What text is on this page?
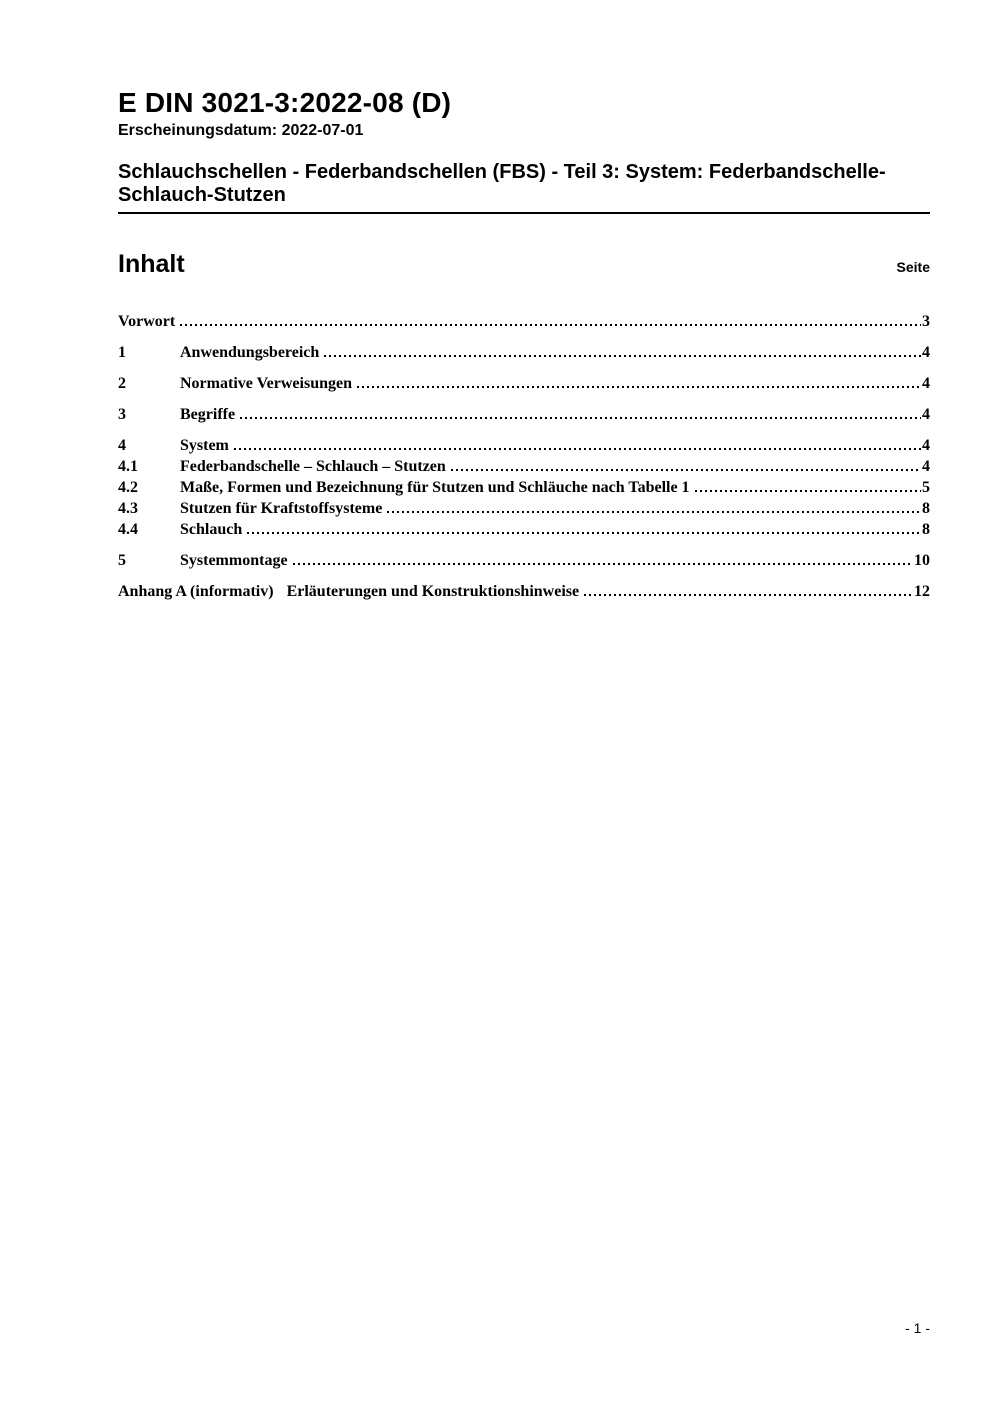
E DIN 3021-3:2022-08 (D)
Erscheinungsdatum: 2022-07-01
Schlauchschellen - Federbandschellen (FBS) - Teil 3: System: Federbandschelle-Schlauch-Stutzen
Inhalt	Seite
Vorwort	3
1	Anwendungsbereich	4
2	Normative Verweisungen	4
3	Begriffe	4
4	System	4
4.1	Federbandschelle – Schlauch – Stutzen	4
4.2	Maße, Formen und Bezeichnung für Stutzen und Schläuche nach Tabelle 1	5
4.3	Stutzen für Kraftstoffsysteme	8
4.4	Schlauch	8
5	Systemmontage	10
Anhang A (informativ) Erläuterungen und Konstruktionshinweise	12
- 1 -
